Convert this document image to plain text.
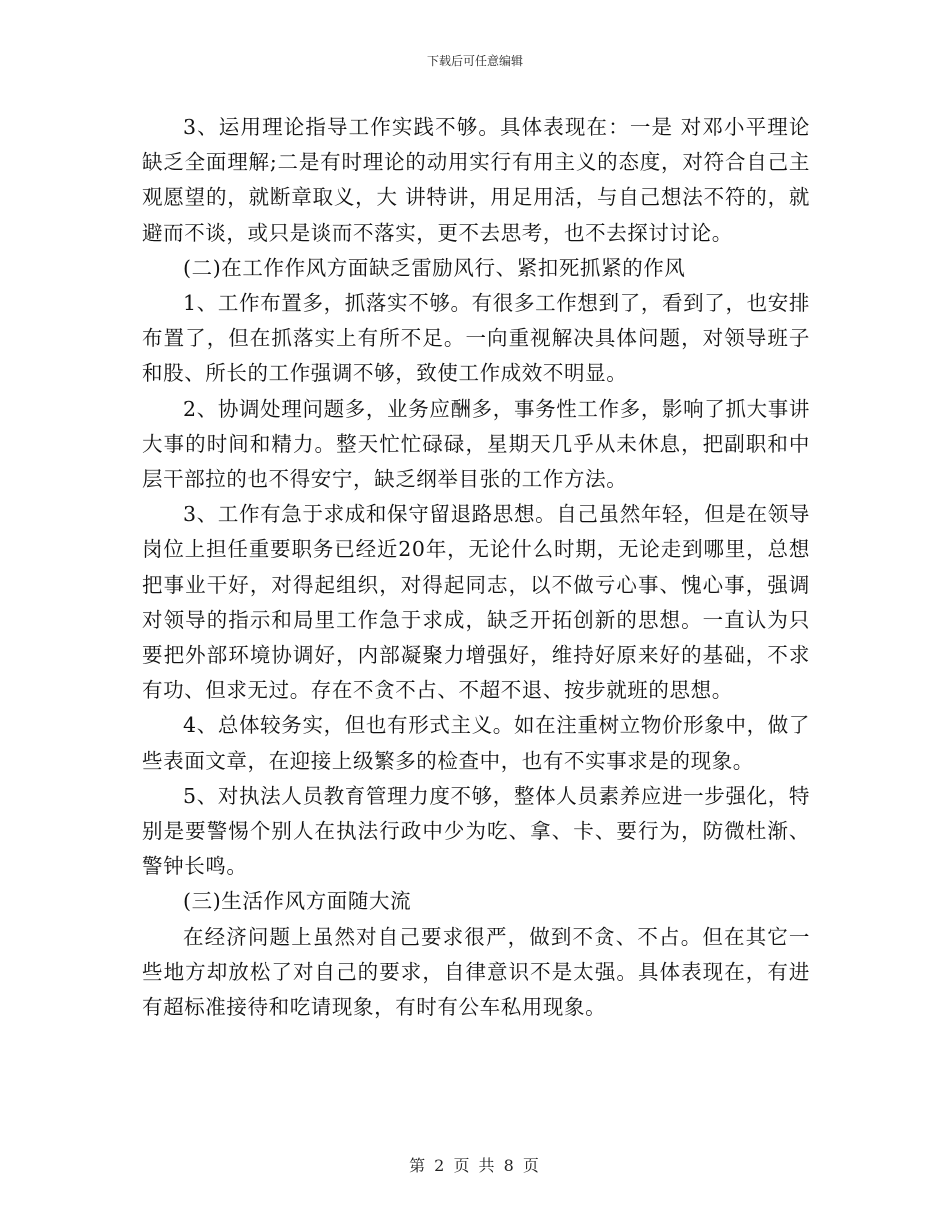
下载后可任意编辑

3、运用理论指导工作实践不够。具体表现在：一是 对邓小平理论缺乏全面理解;二是有时理论的动用实行有用主义的态度，对符合自己主观愿望的，就断章取义，大 讲特讲，用足用活，与自己想法不符的，就避而不谈，或只是谈而不落实，更不去思考，也不去探讨讨论。

(二)在工作作风方面缺乏雷励风行、紧扣死抓紧的作风

1、工作布置多，抓落实不够。有很多工作想到了，看到了，也安排布置了，但在抓落实上有所不足。一向重视解决具体问题，对领导班子和股、所长的工作强调不够，致使工作成效不明显。

2、协调处理问题多，业务应酬多，事务性工作多，影响了抓大事讲大事的时间和精力。整天忙忙碌碌，星期天几乎从未休息，把副职和中层干部拉的也不得安宁，缺乏纲举目张的工作方法。

3、工作有急于求成和保守留退路思想。自己虽然年轻，但是在领导岗位上担任重要职务已经近20年，无论什么时期，无论走到哪里，总想把事业干好，对得起组织，对得起同志，以不做亏心事、愧心事，强调对领导的指示和局里工作急于求成，缺乏开拓创新的思想。一直认为只 要把外部环境协调好，内部凝聚力增强好，维持好原来好的基础，不求有功、但求无过。存在不贪不占、不超不退、按步就班的思想。

4、总体较务实，但也有形式主义。如在注重树立物价形象中，做了些表面文章，在迎接上级繁多的检查中，也有不实事求是的现象。

5、对执法人员教育管理力度不够，整体人员素养应进一步强化，特别是要警惕个别人在执法行政中少为吃、拿、卡、要行为，防微杜渐、警钟长鸣。

(三)生活作风方面随大流

在经济问题上虽然对自己要求很严，做到不贪、不占。但在其它一些地方却放松了对自己的要求，自律意识不是太强。具体表现在，有进有超标准接待和吃请现象，有时有公车私用现象。

第 2 页 共 8 页
